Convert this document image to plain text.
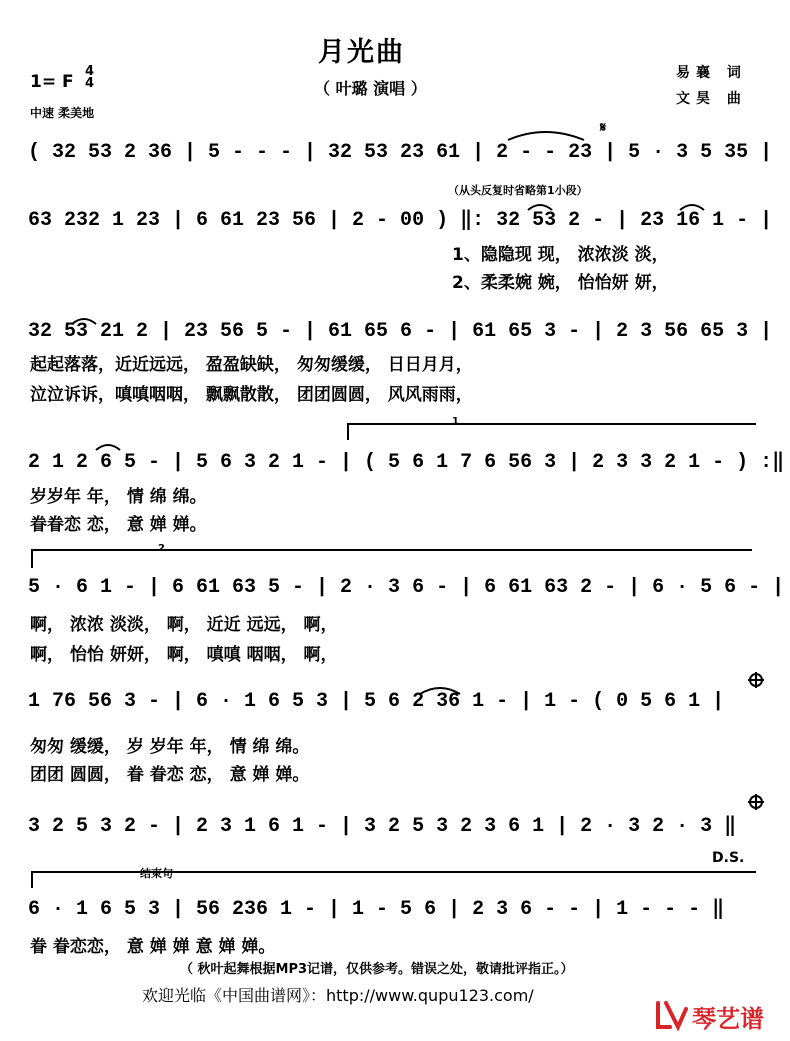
月光曲
（ 叶璐 演唱 ）
1= F
4
4
中速 柔美地
易襄 词
文昊 曲
( 32 53 2 36 | 5 - - - | 32 53 23 61 | 2 - - 23 | 5 · 3 5 35 |
（从头反复时省略第1小段）
63 232 1 23 | 6 61 23 56 | 2 - 00 ) ‖: 32 53 2 - | 23 16 1 - |
1、隐隐现 现， 浓浓淡 淡，
2、柔柔婉 婉， 怡怡妍 妍，
32 53 21 2 | 23 56 5 - | 61 65 6 - | 61 65 3 - | 2 3 56 65 3 |
起起落落，近近远远， 盈盈缺缺， 匆匆缓缓， 日日月月，
泣泣诉诉，嗔嗔咽咽， 飘飘散散， 团团圆圆， 风风雨雨，
1
2 1 2 6 5 - | 5 6 3 2 1 - | ( 5 6 1 7 6 56 3 | 2 3 3 2 1 - ) :‖
岁岁年 年， 情 绵 绵。
眷眷恋 恋， 意 婵 婵。
2
5 · 6 1 - | 6 61 63 5 - | 2 · 3 6 - | 6 61 63 2 - | 6 · 5 6 - |
啊， 浓浓 淡淡， 啊， 近近 远远， 啊，
啊， 怡怡 妍妍， 啊， 嗔嗔 咽咽， 啊，
1 76 56 3 - | 6 · 1 6 5 3 | 5 6 2 36 1 - | 1 - ( 0 5 6 1 |
匆匆 缓缓， 岁 岁年 年， 情 绵 绵。
团团 圆圆， 眷 眷恋 恋， 意 婵 婵。
3 2 5 3 2 - | 2 3 1 6 1 - | 3 2 5 3 2 3 6 1 | 2 · 3 2 · 3 ‖
D.S.
结束句
6 · 1 6 5 3 | 56 236 1 - | 1 - 5 6 | 2 3 6 - - | 1 - - - ‖
眷 眷恋恋， 意 婵 婵 意 婵 婵。
（ 秋叶起舞根据MP3记谱，仅供参考。错误之处，敬请批评指正。）
欢迎光临《中国曲谱网》：http://www.qupu123.com/
琴艺谱
𝄋
